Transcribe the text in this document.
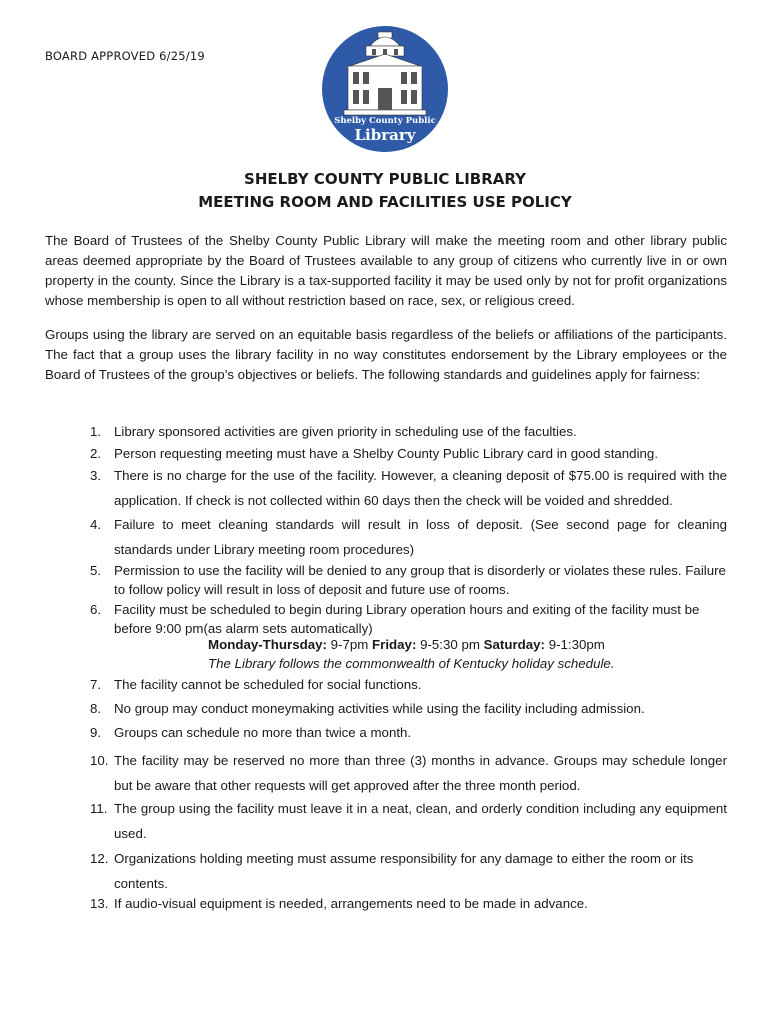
BOARD APPROVED 6/25/19
Shelby County Public
Library
SHELBY COUNTY PUBLIC LIBRARY
MEETING ROOM AND FACILITIES USE POLICY

The Board of Trustees of the Shelby County Public Library will make the meeting room and other library public areas deemed appropriate by the Board of Trustees available to any group of citizens who currently live in or own property in the county. Since the Library is a tax-supported facility it may be used only by not for profit organizations whose membership is open to all without restriction based on race, sex, or religious creed.

Groups using the library are served on an equitable basis regardless of the beliefs or affiliations of the participants. The fact that a group uses the library facility in no way constitutes endorsement by the Library employees or the Board of Trustees of the group’s objectives or beliefs. The following standards and guidelines apply for fairness:

1. Library sponsored activities are given priority in scheduling use of the faculties.
2. Person requesting meeting must have a Shelby County Public Library card in good standing.
3. There is no charge for the use of the facility. However, a cleaning deposit of $75.00 is required with the application. If check is not collected within 60 days then the check will be voided and shredded.
4. Failure to meet cleaning standards will result in loss of deposit. (See second page for cleaning standards under Library meeting room procedures)
5. Permission to use the facility will be denied to any group that is disorderly or violates these rules. Failure to follow policy will result in loss of deposit and future use of rooms.
6. Facility must be scheduled to begin during Library operation hours and exiting of the facility must be before 9:00 pm(as alarm sets automatically)
7. The facility cannot be scheduled for social functions.
8. No group may conduct moneymaking activities while using the facility including admission.
9. Groups can schedule no more than twice a month.
10. The facility may be reserved no more than three (3) months in advance. Groups may schedule longer but be aware that other requests will get approved after the three month period.
11. The group using the facility must leave it in a neat, clean, and orderly condition including any equipment used.
12. Organizations holding meeting must assume responsibility for any damage to either the room or its contents.
13. If audio-visual equipment is needed, arrangements need to be made in advance.
Monday-Thursday: 9-7pm Friday: 9-5:30 pm Saturday: 9-1:30pm
The Library follows the commonwealth of Kentucky holiday schedule.
